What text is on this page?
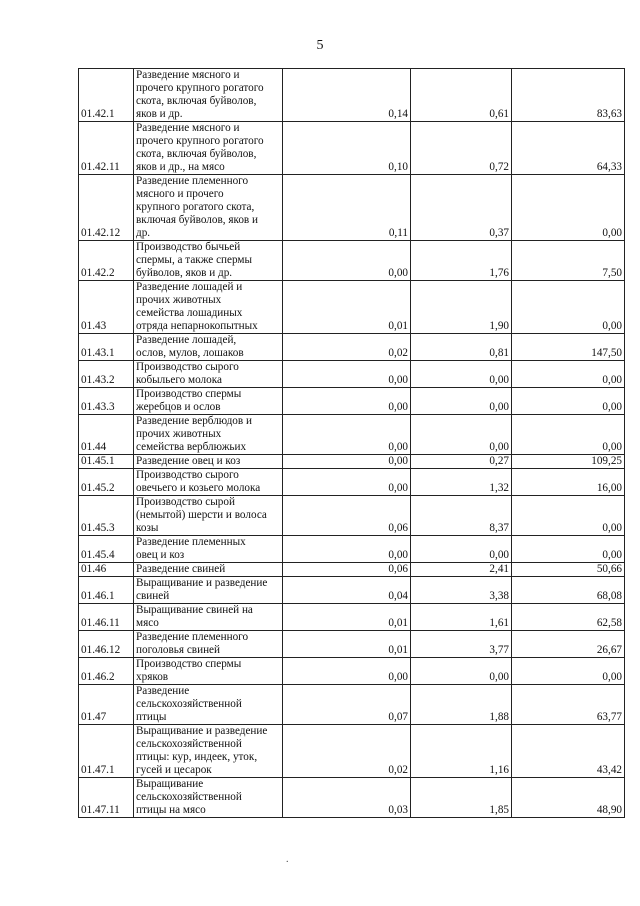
5
01.42.1	Разведение мясного и
прочего крупного рогатого
скота, включая буйволов,
яков и др.	0,14	0,61	83,63
01.42.11	Разведение мясного и
прочего крупного рогатого
скота, включая буйволов,
яков и др., на мясо	0,10	0,72	64,33
01.42.12	Разведение племенного
мясного и прочего
крупного рогатого скота,
включая буйволов, яков и
др.	0,11	0,37	0,00
01.42.2	Производство бычьей
спермы, а также спермы
буйволов, яков и др.	0,00	1,76	7,50
01.43	Разведение лошадей и
прочих животных
семейства лошадиных
отряда непарнокопытных	0,01	1,90	0,00
01.43.1	Разведение лошадей,
ослов, мулов, лошаков	0,02	0,81	147,50
01.43.2	Производство сырого
кобыльего молока	0,00	0,00	0,00
01.43.3	Производство спермы
жеребцов и ослов	0,00	0,00	0,00
01.44	Разведение верблюдов и
прочих животных
семейства верблюжьих	0,00	0,00	0,00
01.45.1	Разведение овец и коз	0,00	0,27	109,25
01.45.2	Производство сырого
овечьего и козьего молока	0,00	1,32	16,00
01.45.3	Производство сырой
(немытой) шерсти и волоса
козы	0,06	8,37	0,00
01.45.4	Разведение племенных
овец и коз	0,00	0,00	0,00
01.46	Разведение свиней	0,06	2,41	50,66
01.46.1	Выращивание и разведение
свиней	0,04	3,38	68,08
01.46.11	Выращивание свиней на
мясо	0,01	1,61	62,58
01.46.12	Разведение племенного
поголовья свиней	0,01	3,77	26,67
01.46.2	Производство спермы
хряков	0,00	0,00	0,00
01.47	Разведение
сельскохозяйственной
птицы	0,07	1,88	63,77
01.47.1	Выращивание и разведение
сельскохозяйственной
птицы: кур, индеек, уток,
гусей и цесарок	0,02	1,16	43,42
01.47.11	Выращивание
сельскохозяйственной
птицы на мясо	0,03	1,85	48,90
.
